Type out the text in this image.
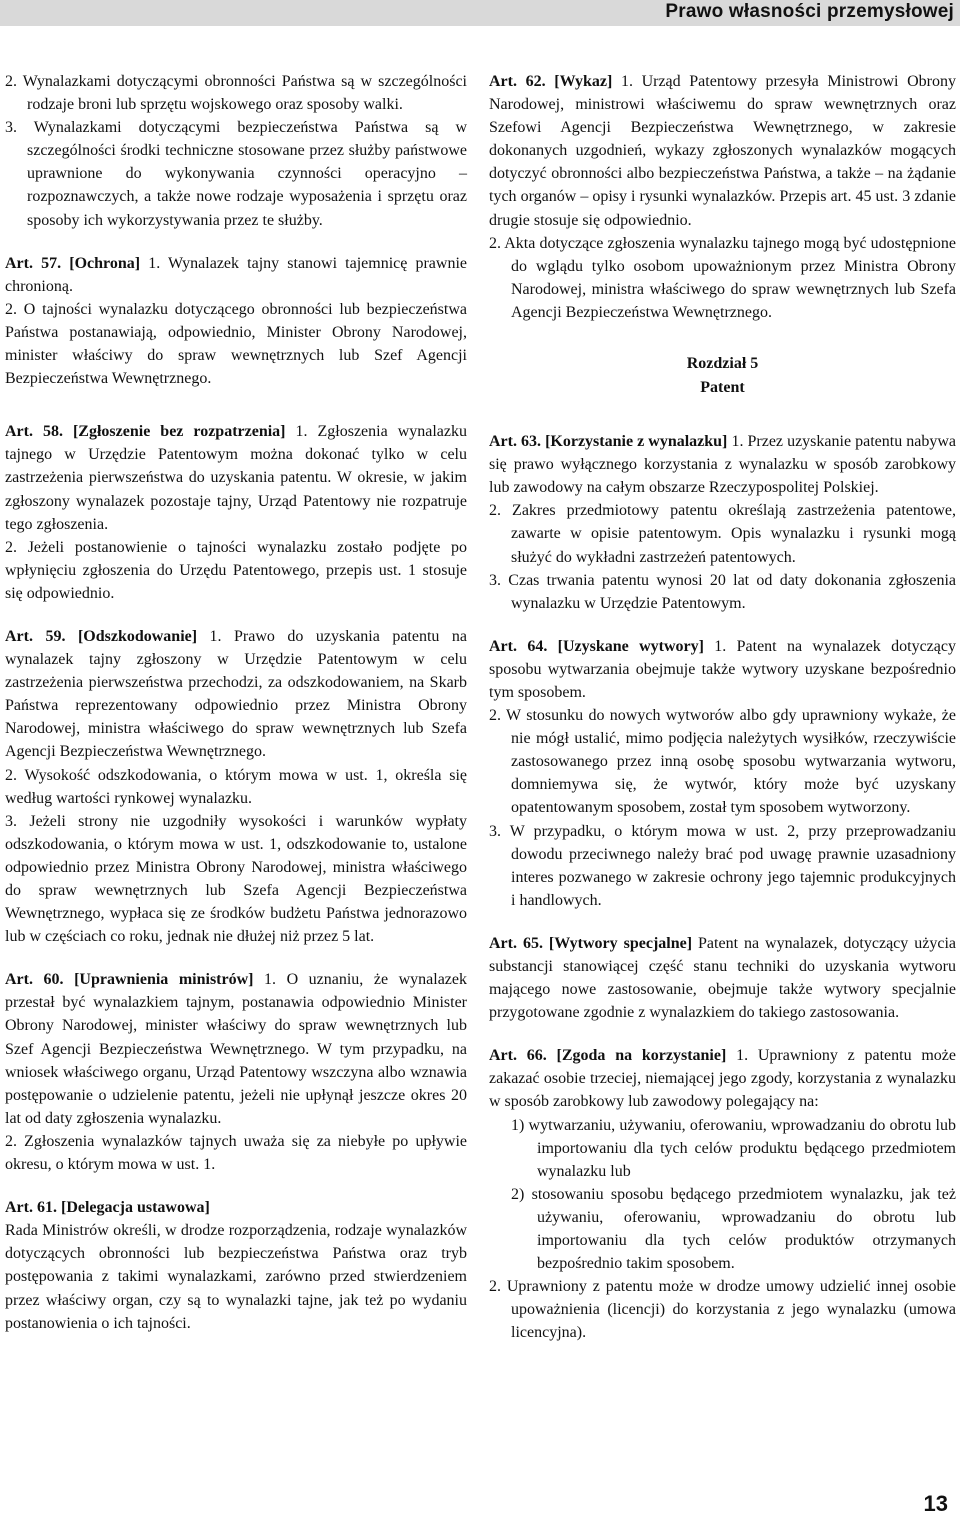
Prawo własności przemysłowej

2. Wynalazkami dotyczącymi obronności Państwa są w szczególności rodzaje broni lub sprzętu wojskowego oraz sposoby walki.

3. Wynalazkami dotyczącymi bezpieczeństwa Państwa są w szczególności środki techniczne stosowane przez służby państwowe uprawnione do wykonywania czynności operacyjno – rozpoznawczych, a także nowe rodzaje wyposażenia i sprzętu oraz sposoby ich wykorzystywania przez te służby.

Art. 57. [Ochrona] 1. Wynalazek tajny stanowi tajemnicę prawnie chronioną.

2. O tajności wynalazku dotyczącego obronności lub bezpieczeństwa Państwa postanawiają, odpowiednio, Minister Obrony Narodowej, minister właściwy do spraw wewnętrznych lub Szef Agencji Bezpieczeństwa Wewnętrznego.

Art. 58. [Zgłoszenie bez rozpatrzenia] 1. Zgłoszenia wynalazku tajnego w Urzędzie Patentowym można dokonać tylko w celu zastrzeżenia pierwszeństwa do uzyskania patentu. W okresie, w jakim zgłoszony wynalazek pozostaje tajny, Urząd Patentowy nie rozpatruje tego zgłoszenia.

2. Jeżeli postanowienie o tajności wynalazku zostało podjęte po wpłynięciu zgłoszenia do Urzędu Patentowego, przepis ust. 1 stosuje się odpowiednio.

Art. 59. [Odszkodowanie] 1. Prawo do uzyskania patentu na wynalazek tajny zgłoszony w Urzędzie Patentowym w celu zastrzeżenia pierwszeństwa przechodzi, za odszkodowaniem, na Skarb Państwa reprezentowany odpowiednio przez Ministra Obrony Narodowej, ministra właściwego do spraw wewnętrznych lub Szefa Agencji Bezpieczeństwa Wewnętrznego.

2. Wysokość odszkodowania, o którym mowa w ust. 1, określa się według wartości rynkowej wynalazku.

3. Jeżeli strony nie uzgodniły wysokości i warunków wypłaty odszkodowania, o którym mowa w ust. 1, odszkodowanie to, ustalone odpowiednio przez Ministra Obrony Narodowej, ministra właściwego do spraw wewnętrznych lub Szefa Agencji Bezpieczeństwa Wewnętrznego, wypłaca się ze środków budżetu Państwa jednorazowo lub w częściach co roku, jednak nie dłużej niż przez 5 lat.

Art. 60. [Uprawnienia ministrów] 1. O uznaniu, że wynalazek przestał być wynalazkiem tajnym, postanawia odpowiednio Minister Obrony Narodowej, minister właściwy do spraw wewnętrznych lub Szef Agencji Bezpieczeństwa Wewnętrznego. W tym przypadku, na wniosek właściwego organu, Urząd Patentowy wszczyna albo wznawia postępowanie o udzielenie patentu, jeżeli nie upłynął jeszcze okres 20 lat od daty zgłoszenia wynalazku.

2. Zgłoszenia wynalazków tajnych uważa się za niebyłe po upływie okresu, o którym mowa w ust. 1.

Art. 61. [Delegacja ustawowa]

Rada Ministrów określi, w drodze rozporządzenia, rodzaje wynalazków dotyczących obronności lub bezpieczeństwa Państwa oraz tryb postępowania z takimi wynalazkami, zarówno przed stwierdzeniem przez właściwy organ, czy są to wynalazki tajne, jak też po wydaniu postanowienia o ich tajności.

Art. 62. [Wykaz] 1. Urząd Patentowy przesyła Ministrowi Obrony Narodowej, ministrowi właściwemu do spraw wewnętrznych oraz Szefowi Agencji Bezpieczeństwa Wewnętrznego, w zakresie dokonanych uzgodnień, wykazy zgłoszonych wynalazków mogących dotyczyć obronności albo bezpieczeństwa Państwa, a także – na żądanie tych organów – opisy i rysunki wynalazków. Przepis art. 45 ust. 3 zdanie drugie stosuje się odpowiednio.

2. Akta dotyczące zgłoszenia wynalazku tajnego mogą być udostępnione do wglądu tylko osobom upoważnionym przez Ministra Obrony Narodowej, ministra właściwego do spraw wewnętrznych lub Szefa Agencji Bezpieczeństwa Wewnętrznego.

Rozdział 5
Patent

Art. 63. [Korzystanie z wynalazku] 1. Przez uzyskanie patentu nabywa się prawo wyłącznego korzystania z wynalazku w sposób zarobkowy lub zawodowy na całym obszarze Rzeczypospolitej Polskiej.

2. Zakres przedmiotowy patentu określają zastrzeżenia patentowe, zawarte w opisie patentowym. Opis wynalazku i rysunki mogą służyć do wykładni zastrzeżeń patentowych.

3. Czas trwania patentu wynosi 20 lat od daty dokonania zgłoszenia wynalazku w Urzędzie Patentowym.

Art. 64. [Uzyskane wytwory] 1. Patent na wynalazek dotyczący sposobu wytwarzania obejmuje także wytwory uzyskane bezpośrednio tym sposobem.

2. W stosunku do nowych wytworów albo gdy uprawniony wykaże, że nie mógł ustalić, mimo podjęcia należytych wysiłków, rzeczywiście zastosowanego przez inną osobę sposobu wytwarzania wytworu, domniemywa się, że wytwór, który może być uzyskany opatentowanym sposobem, został tym sposobem wytworzony.

3. W przypadku, o którym mowa w ust. 2, przy przeprowadzaniu dowodu przeciwnego należy brać pod uwagę prawnie uzasadniony interes pozwanego w zakresie ochrony jego tajemnic produkcyjnych i handlowych.

Art. 65. [Wytwory specjalne] Patent na wynalazek, dotyczący użycia substancji stanowiącej część stanu techniki do uzyskania wytworu mającego nowe zastosowanie, obejmuje także wytwory specjalnie przygotowane zgodnie z wynalazkiem do takiego zastosowania.

Art. 66. [Zgoda na korzystanie] 1. Uprawniony z patentu może zakazać osobie trzeciej, niemającej jego zgody, korzystania z wynalazku w sposób zarobkowy lub zawodowy polegający na:

1) wytwarzaniu, używaniu, oferowaniu, wprowadzaniu do obrotu lub importowaniu dla tych celów produktu będącego przedmiotem wynalazku lub

2) stosowaniu sposobu będącego przedmiotem wynalazku, jak też używaniu, oferowaniu, wprowadzaniu do obrotu lub importowaniu dla tych celów produktów otrzymanych bezpośrednio takim sposobem.

2. Uprawniony z patentu może w drodze umowy udzielić innej osobie upoważnienia (licencji) do korzystania z jego wynalazku (umowa licencyjna).

13
